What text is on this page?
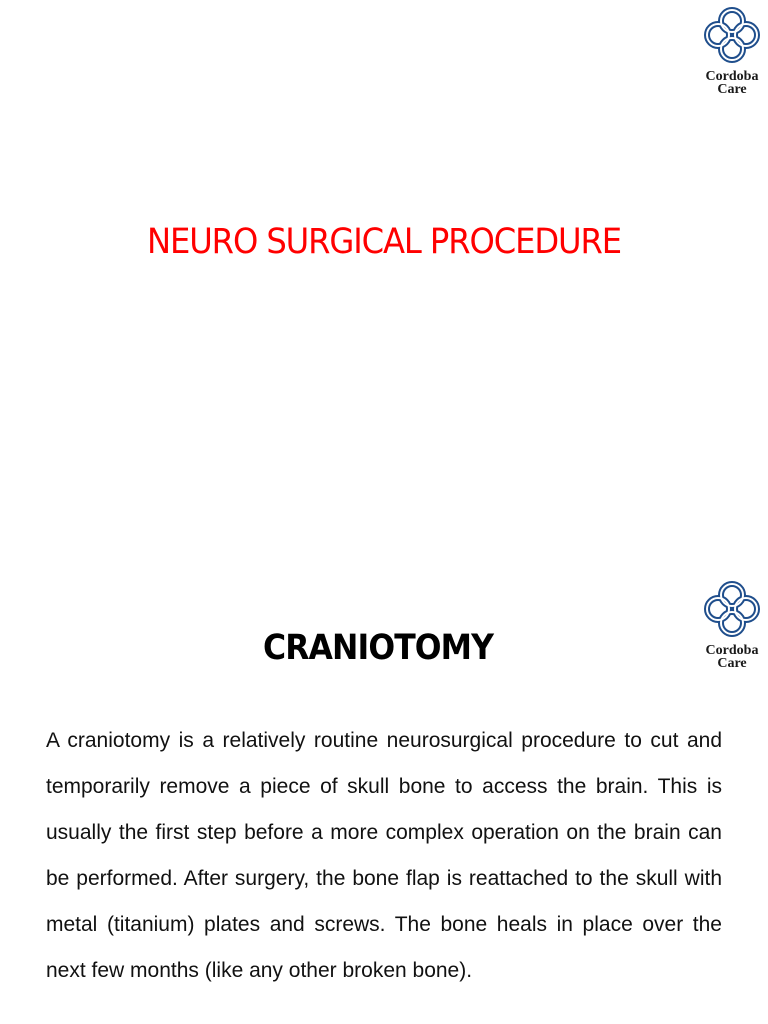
Cordoba
Care
NEURO SURGICAL PROCEDURE
Cordoba
Care
CRANIOTOMY

A craniotomy is a relatively routine neurosurgical procedure to cut and temporarily remove a piece of skull bone to access the brain. This is usually the first step before a more complex operation on the brain can be performed. After surgery, the bone flap is reattached to the skull with metal (titanium) plates and screws. The bone heals in place over the next few months (like any other broken bone).
